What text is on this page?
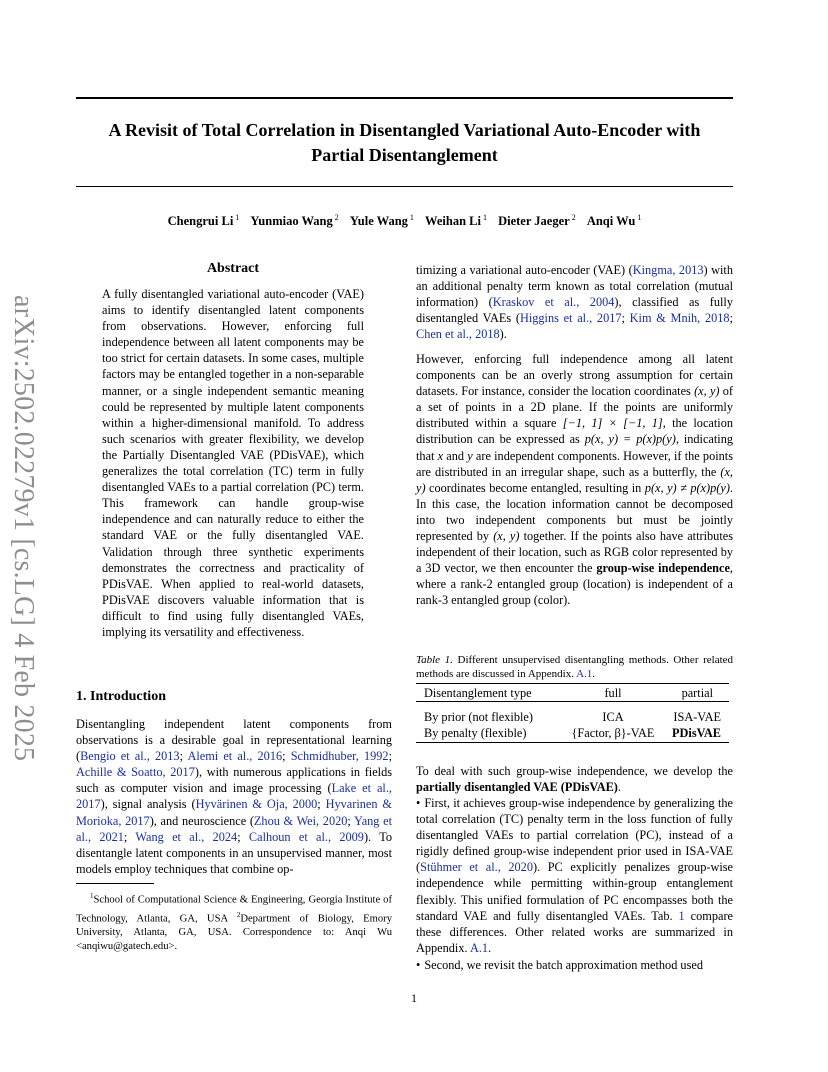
A Revisit of Total Correlation in Disentangled Variational Auto-Encoder with
Partial Disentanglement
Chengrui Li $^1$ Yunmiao Wang $^2$ Yule Wang $^1$ Weihan Li $^1$ Dieter Jaeger $^2$ Anqi Wu $^1$
arXiv:2502.02279v1 [cs.LG] 4 Feb 2025
Abstract
A fully disentangled variational auto-encoder (VAE) aims to identify disentangled latent components from observations. However, enforcing full independence between all latent components may be too strict for certain datasets. In some cases, multiple factors may be entangled together in a non-separable manner, or a single independent semantic meaning could be represented by multiple latent components within a higher-dimensional manifold. To address such scenarios with greater flexibility, we develop the Partially Disentangled VAE (PDisVAE), which generalizes the total correlation (TC) term in fully disentangled VAEs to a partial correlation (PC) term. This framework can handle group-wise independence and can naturally reduce to either the standard VAE or the fully disentangled VAE. Validation through three synthetic experiments demonstrates the correctness and practicality of PDisVAE. When applied to real-world datasets, PDisVAE discovers valuable information that is difficult to find using fully disentangled VAEs, implying its versatility and effectiveness.
1. Introduction
Disentangling independent latent components from observations is a desirable goal in representational learning (Bengio et al., 2013; Alemi et al., 2016; Schmidhuber, 1992; Achille & Soatto, 2017), with numerous applications in fields such as computer vision and image processing (Lake et al., 2017), signal analysis (Hyvärinen & Oja, 2000; Hyvarinen & Morioka, 2017), and neuroscience (Zhou & Wei, 2020; Yang et al., 2021; Wang et al., 2024; Calhoun et al., 2009). To disentangle latent components in an unsupervised manner, most models employ techniques that combine op-
$^1$School of Computational Science & Engineering, Georgia Institute of Technology, Atlanta, GA, USA $^2$Department of Biology, Emory University, Atlanta, GA, USA. Correspondence to: Anqi Wu <anqiwu@gatech.edu>.
timizing a variational auto-encoder (VAE) (Kingma, 2013) with an additional penalty term known as total correlation (mutual information) (Kraskov et al., 2004), classified as fully disentangled VAEs (Higgins et al., 2017; Kim & Mnih, 2018; Chen et al., 2018).
However, enforcing full independence among all latent components can be an overly strong assumption for certain datasets. For instance, consider the location coordinates (x, y) of a set of points in a 2D plane. If the points are uniformly distributed within a square [−1, 1] × [−1, 1], the location distribution can be expressed as p(x, y) = p(x)p(y), indicating that x and y are independent components. However, if the points are distributed in an irregular shape, such as a butterfly, the (x, y) coordinates become entangled, resulting in p(x, y) ≠ p(x)p(y). In this case, the location information cannot be decomposed into two independent components but must be jointly represented by (x, y) together. If the points also have attributes independent of their location, such as RGB color represented by a 3D vector, we then encounter the group-wise independence, where a rank-2 entangled group (location) is independent of a rank-3 entangled group (color).
Table 1. Different unsupervised disentangling methods. Other related methods are discussed in Appendix. A.1.
Disentanglement type	full	partial

By prior (not flexible)	ICA	ISA-VAE
By penalty (flexible)	{Factor, β}-VAE	PDisVAE
To deal with such group-wise independence, we develop the partially disentangled VAE (PDisVAE).
• First, it achieves group-wise independence by generalizing the total correlation (TC) penalty term in the loss function of fully disentangled VAEs to partial correlation (PC), instead of a rigidly defined group-wise independent prior used in ISA-VAE (Stühmer et al., 2020). PC explicitly penalizes group-wise independence while permitting within-group entanglement flexibly. This unified formulation of PC encompasses both the standard VAE and fully disentangled VAEs. Tab. 1 compare these differences. Other related works are summarized in Appendix. A.1.
• Second, we revisit the batch approximation method used
1
